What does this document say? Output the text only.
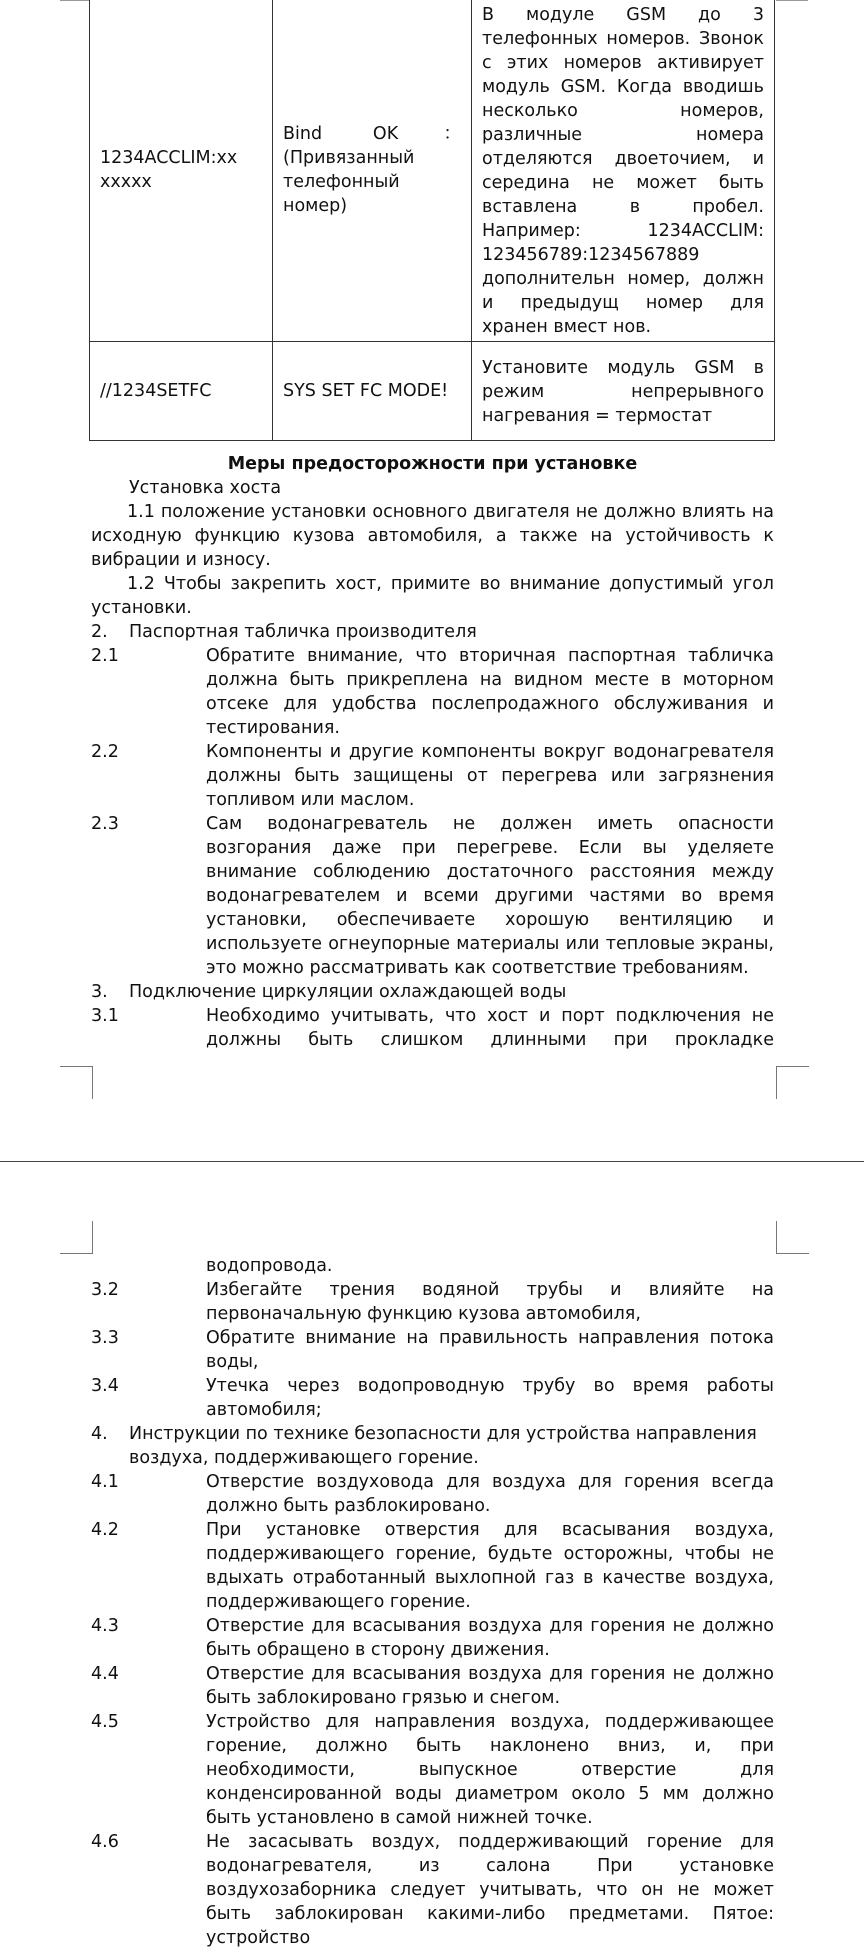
1234ACCLIM:xx xxxxx	Bind OK： (Привязанный телефонный номер)	В модуле GSM до 3 телефонных номеров. Звонок с этих номеров активирует модуль GSM. Когда вводишь несколько номеров, различные номера отделяются двоеточием, и середина не может быть вставлена в пробел. Например: 1234ACCLIM: 123456789:1234567889 дополнительн номер, должн и предыдущ номер для хранен вмест нов.
//1234SETFC	SYS SET FC MODE!	Установите модуль GSM в режим непрерывного нагревания = термостат

Меры предосторожности при установке

Установка хоста

1.1 положение установки основного двигателя не должно влиять на исходную функцию кузова автомобиля, а также на устойчивость к вибрации и износу.

1.2 Чтобы закрепить хост, примите во внимание допустимый угол установки.

2.	Паспортная табличка производителя
2.1	Обратите внимание, что вторичная паспортная табличка должна быть прикреплена на видном месте в моторном отсеке для удобства послепродажного обслуживания и тестирования.
2.2	Компоненты и другие компоненты вокруг водонагревателя должны быть защищены от перегрева или загрязнения топливом или маслом.
2.3	Сам водонагреватель не должен иметь опасности возгорания даже при перегреве. Если вы уделяете внимание соблюдению достаточного расстояния между водонагревателем и всеми другими частями во время установки, обеспечиваете хорошую вентиляцию и используете огнеупорные материалы или тепловые экраны, это можно рассматривать как соответствие требованиям.
3.	Подключение циркуляции охлаждающей воды
3.1	Необходимо учитывать, что хост и порт подключения не должны быть слишком длинными при прокладке
водопровода.
3.2	Избегайте трения водяной трубы и влияйте на первоначальную функцию кузова автомобиля,
3.3	Обратите внимание на правильность направления потока воды,
3.4	Утечка через водопроводную трубу во время работы автомобиля;
4.	Инструкции по технике безопасности для устройства направления воздуха, поддерживающего горение.
4.1	Отверстие воздуховода для воздуха для горения всегда должно быть разблокировано.
4.2	При установке отверстия для всасывания воздуха, поддерживающего горение, будьте осторожны, чтобы не вдыхать отработанный выхлопной газ в качестве воздуха, поддерживающего горение.
4.3	Отверстие для всасывания воздуха для горения не должно быть обращено в сторону движения.
4.4	Отверстие для всасывания воздуха для горения не должно быть заблокировано грязью и снегом.
4.5	Устройство для направления воздуха, поддерживающее горение, должно быть наклонено вниз, и, при необходимости, выпускное отверстие для конденсированной воды диаметром около 5 мм должно быть установлено в самой нижней точке.
4.6	Не засасывать воздух, поддерживающий горение для водонагревателя, из салона При установке воздухозаборника следует учитывать, что он не может быть заблокирован какими-либо предметами. Пятое: устройство
